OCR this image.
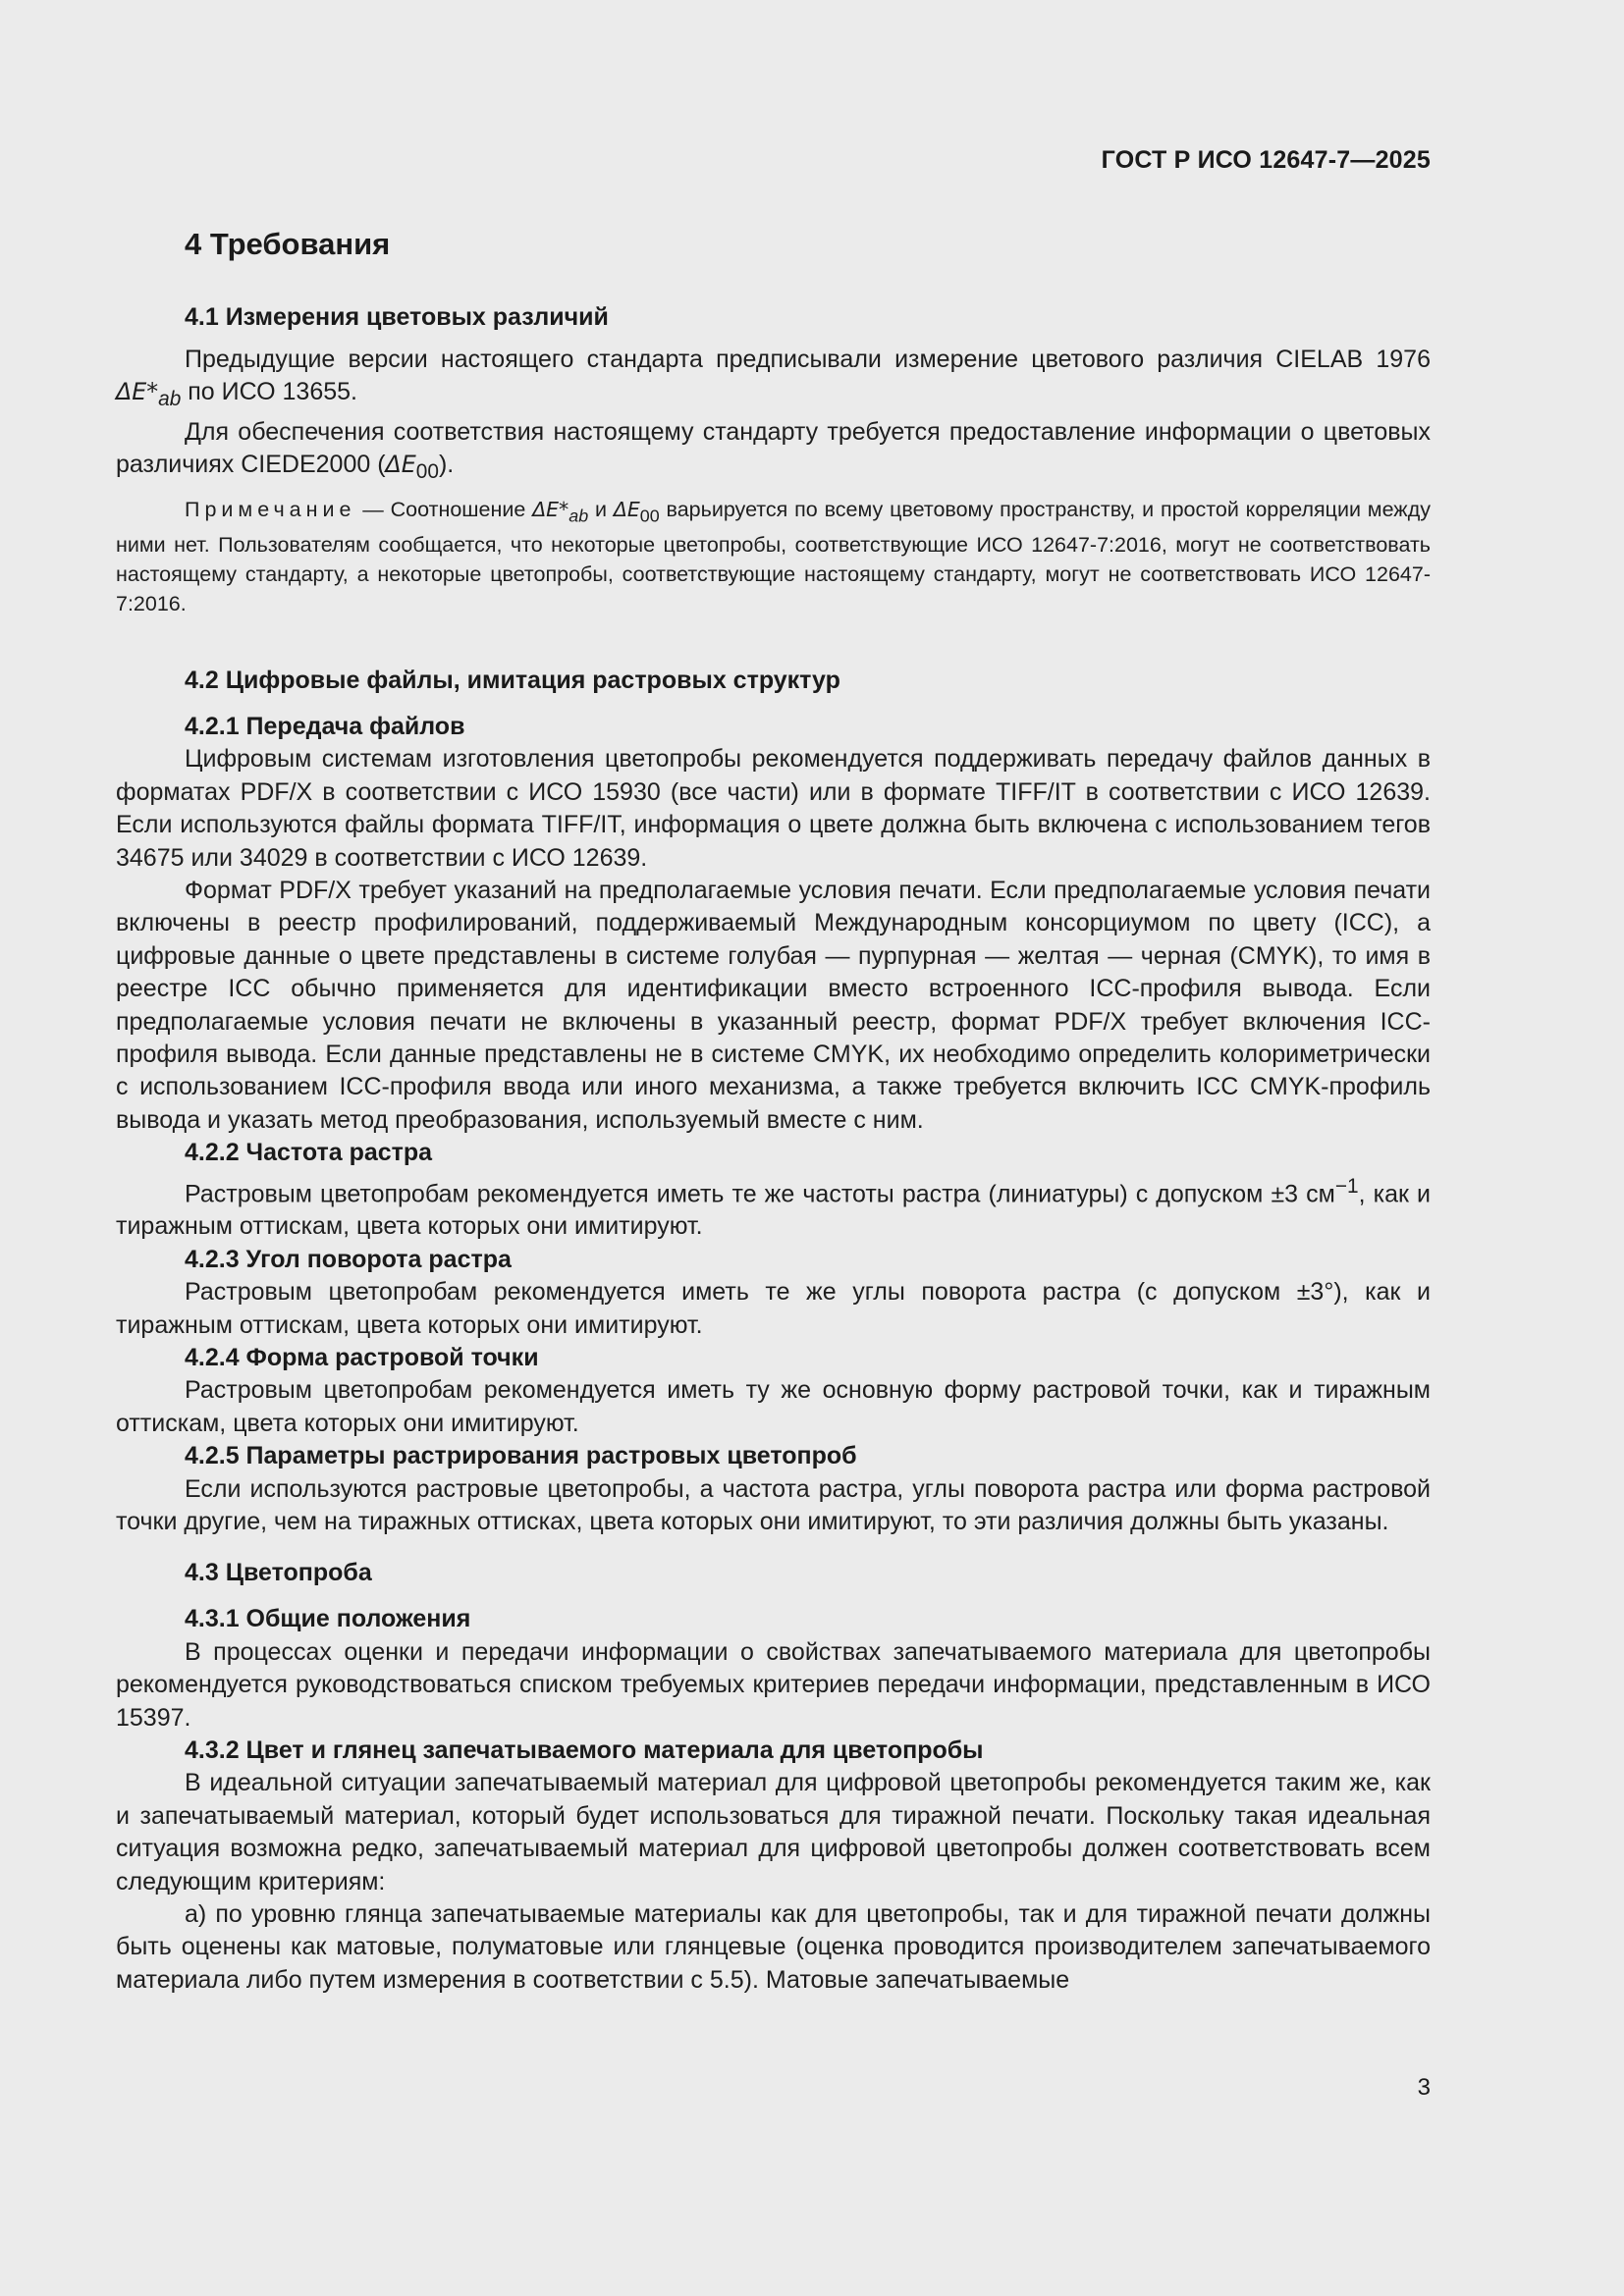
ГОСТ Р ИСО 12647-7—2025
4 Требования
4.1 Измерения цветовых различий

Предыдущие версии настоящего стандарта предписывали измерение цветового различия CIELAB 1976 $\Delta E*_{ab}$ по ИСО 13655.

Для обеспечения соответствия настоящему стандарту требуется предоставление информации о цветовых различиях CIEDE2000 $(\Delta E_{00})$.

Примечание — Соотношение $\Delta E*_{ab}$ и $\Delta E_{00}$ варьируется по всему цветовому пространству, и простой корреляции между ними нет. Пользователям сообщается, что некоторые цветопробы, соответствующие ИСО 12647-7:2016, могут не соответствовать настоящему стандарту, а некоторые цветопробы, соответствующие настоящему стандарту, могут не соответствовать ИСО 12647-7:2016.

4.2 Цифровые файлы, имитация растровых структур
4.2.1 Передача файлов

Цифровым системам изготовления цветопробы рекомендуется поддерживать передачу файлов данных в форматах PDF/X в соответствии с ИСО 15930 (все части) или в формате TIFF/IT в соответствии с ИСО 12639. Если используются файлы формата TIFF/IT, информация о цвете должна быть включена с использованием тегов 34675 или 34029 в соответствии с ИСО 12639.

Формат PDF/X требует указаний на предполагаемые условия печати. Если предполагаемые условия печати включены в реестр профилирований, поддерживаемый Международным консорциумом по цвету (ICC), а цифровые данные о цвете представлены в системе голубая — пурпурная — желтая — черная (CMYK), то имя в реестре ICC обычно применяется для идентификации вместо встроенного ICC-профиля вывода. Если предполагаемые условия печати не включены в указанный реестр, формат PDF/X требует включения ICC-профиля вывода. Если данные представлены не в системе CMYK, их необходимо определить колориметрически с использованием ICC-профиля ввода или иного механизма, а также требуется включить ICC CMYK-профиль вывода и указать метод преобразования, используемый вместе с ним.

4.2.2 Частота растра

Растровым цветопробам рекомендуется иметь те же частоты растра (линиатуры) с допуском ±3 $см^{-1}$, как и тиражным оттискам, цвета которых они имитируют.

4.2.3 Угол поворота растра

Растровым цветопробам рекомендуется иметь те же углы поворота растра (с допуском ±3°), как и тиражным оттискам, цвета которых они имитируют.

4.2.4 Форма растровой точки

Растровым цветопробам рекомендуется иметь ту же основную форму растровой точки, как и тиражным оттискам, цвета которых они имитируют.

4.2.5 Параметры растрирования растровых цветопроб

Если используются растровые цветопробы, а частота растра, углы поворота растра или форма растровой точки другие, чем на тиражных оттисках, цвета которых они имитируют, то эти различия должны быть указаны.

4.3 Цветопроба
4.3.1 Общие положения

В процессах оценки и передачи информации о свойствах запечатываемого материала для цветопробы рекомендуется руководствоваться списком требуемых критериев передачи информации, представленным в ИСО 15397.

4.3.2 Цвет и глянец запечатываемого материала для цветопробы

В идеальной ситуации запечатываемый материал для цифровой цветопробы рекомендуется таким же, как и запечатываемый материал, который будет использоваться для тиражной печати. Поскольку такая идеальная ситуация возможна редко, запечатываемый материал для цифровой цветопробы должен соответствовать всем следующим критериям:

а) по уровню глянца запечатываемые материалы как для цветопробы, так и для тиражной печати должны быть оценены как матовые, полуматовые или глянцевые (оценка проводится производителем запечатываемого материала либо путем измерения в соответствии с 5.5). Матовые запечатываемые

3
